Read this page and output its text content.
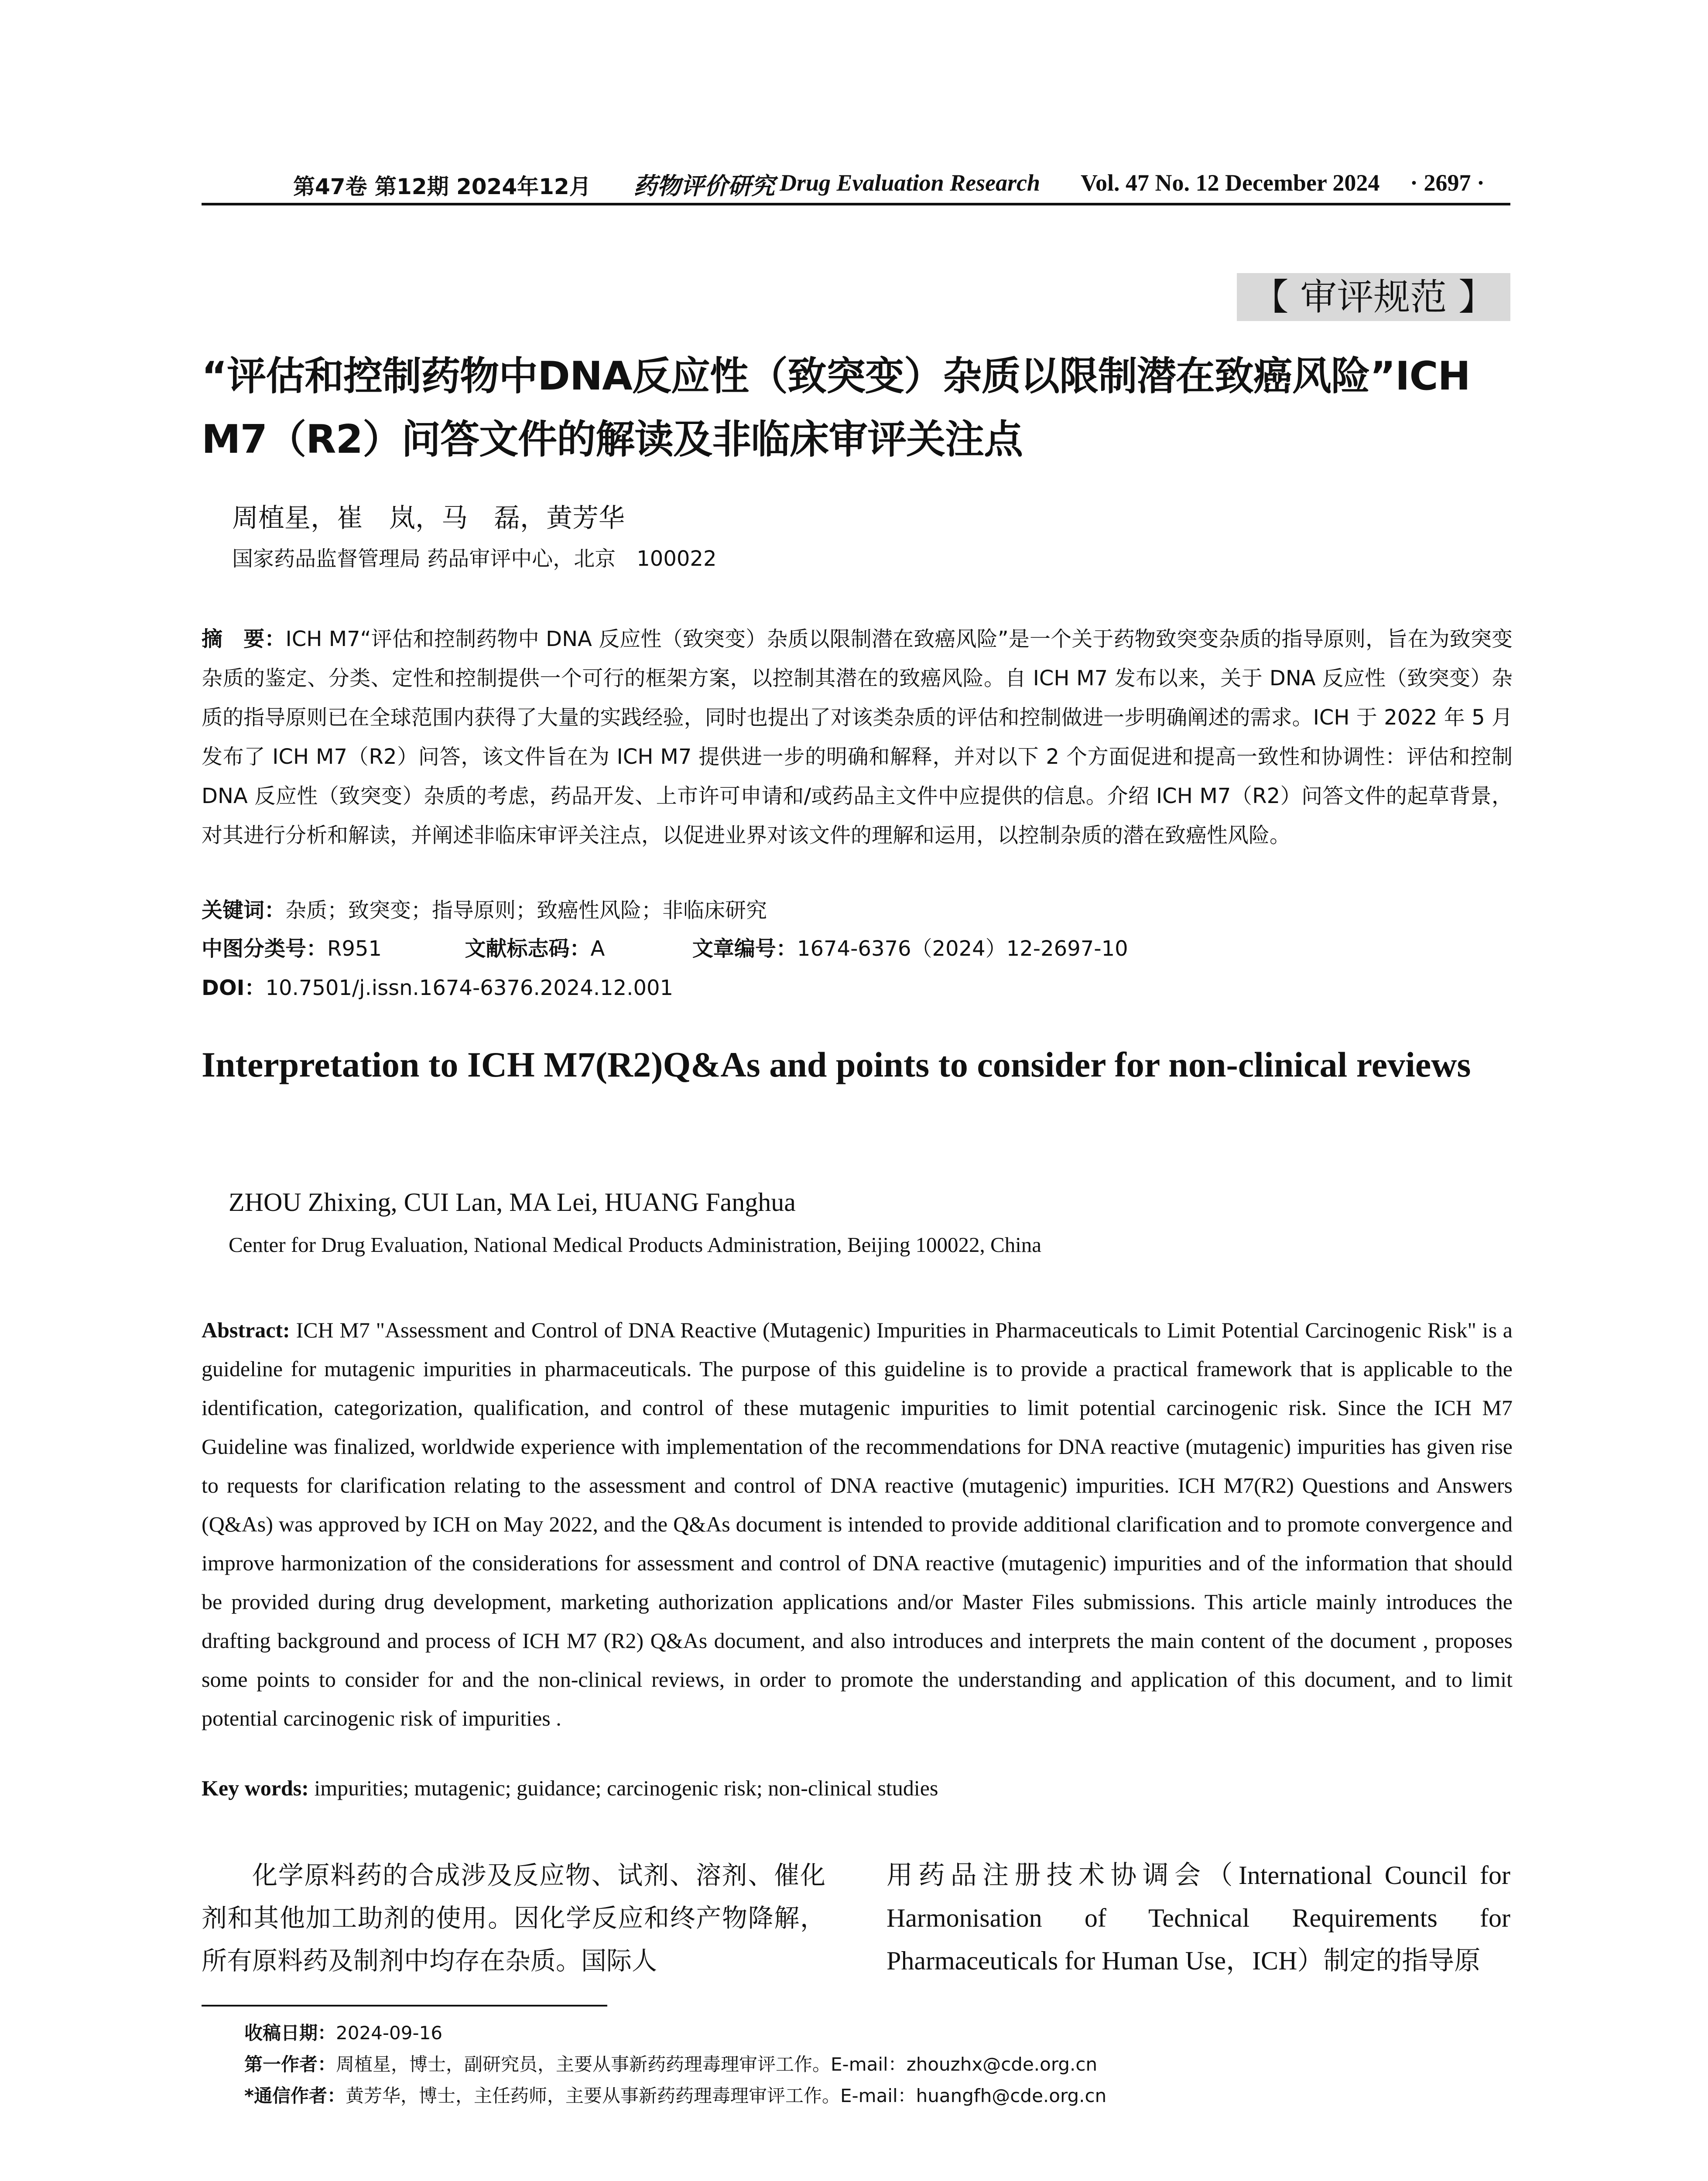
第47卷 第12期 2024年12月 药物评价研究 Drug Evaluation Research Vol. 47 No. 12 December 2024 · 2697 ·
【 审评规范 】
“评估和控制药物中DNA反应性（致突变）杂质以限制潜在致癌风险”ICH M7（R2）问答文件的解读及非临床审评关注点
周植星，崔　岚，马　磊，黄芳华
国家药品监督管理局 药品审评中心，北京　100022
摘　要：ICH M7“评估和控制药物中 DNA 反应性（致突变）杂质以限制潜在致癌风险”是一个关于药物致突变杂质的指导原则，旨在为致突变杂质的鉴定、分类、定性和控制提供一个可行的框架方案，以控制其潜在的致癌风险。自 ICH M7 发布以来，关于 DNA 反应性（致突变）杂质的指导原则已在全球范围内获得了大量的实践经验，同时也提出了对该类杂质的评估和控制做进一步明确阐述的需求。ICH 于 2022 年 5 月发布了 ICH M7（R2）问答，该文件旨在为 ICH M7 提供进一步的明确和解释，并对以下 2 个方面促进和提高一致性和协调性：评估和控制 DNA 反应性（致突变）杂质的考虑，药品开发、上市许可申请和/或药品主文件中应提供的信息。介绍 ICH M7（R2）问答文件的起草背景，对其进行分析和解读，并阐述非临床审评关注点，以促进业界对该文件的理解和运用，以控制杂质的潜在致癌性风险。
关键词：杂质；致突变；指导原则；致癌性风险；非临床研究
中图分类号：R951	文献标志码：A	文章编号：1674-6376（2024）12-2697-10
DOI：10.7501/j.issn.1674-6376.2024.12.001
Interpretation to ICH M7(R2)Q&As and points to consider for non-clinical reviews
ZHOU Zhixing, CUI Lan, MA Lei, HUANG Fanghua
Center for Drug Evaluation, National Medical Products Administration, Beijing 100022, China
Abstract: ICH M7 "Assessment and Control of DNA Reactive (Mutagenic) Impurities in Pharmaceuticals to Limit Potential Carcinogenic Risk" is a guideline for mutagenic impurities in pharmaceuticals. The purpose of this guideline is to provide a practical framework that is applicable to the identification, categorization, qualification, and control of these mutagenic impurities to limit potential carcinogenic risk. Since the ICH M7 Guideline was finalized, worldwide experience with implementation of the recommendations for DNA reactive (mutagenic) impurities has given rise to requests for clarification relating to the assessment and control of DNA reactive (mutagenic) impurities. ICH M7(R2) Questions and Answers (Q&As) was approved by ICH on May 2022, and the Q&As document is intended to provide additional clarification and to promote convergence and improve harmonization of the considerations for assessment and control of DNA reactive (mutagenic) impurities and of the information that should be provided during drug development, marketing authorization applications and/or Master Files submissions. This article mainly introduces the drafting background and process of ICH M7 (R2) Q&As document, and also introduces and interprets the main content of the document , proposes some points to consider for and the non-clinical reviews, in order to promote the understanding and application of this document, and to limit potential carcinogenic risk of impurities .
Key words: impurities; mutagenic; guidance; carcinogenic risk; non-clinical studies
化学原料药的合成涉及反应物、试剂、溶剂、催化剂和其他加工助剂的使用。因化学反应和终产物降解，所有原料药及制剂中均存在杂质。国际人
用药品注册技术协调会（International Council for Harmonisation of Technical Requirements for Pharmaceuticals for Human Use，ICH）制定的指导原
收稿日期：2024-09-16
第一作者：周植星，博士，副研究员，主要从事新药药理毒理审评工作。E-mail：zhouzhx@cde.org.cn
*通信作者：黄芳华，博士，主任药师，主要从事新药药理毒理审评工作。E-mail：huangfh@cde.org.cn
